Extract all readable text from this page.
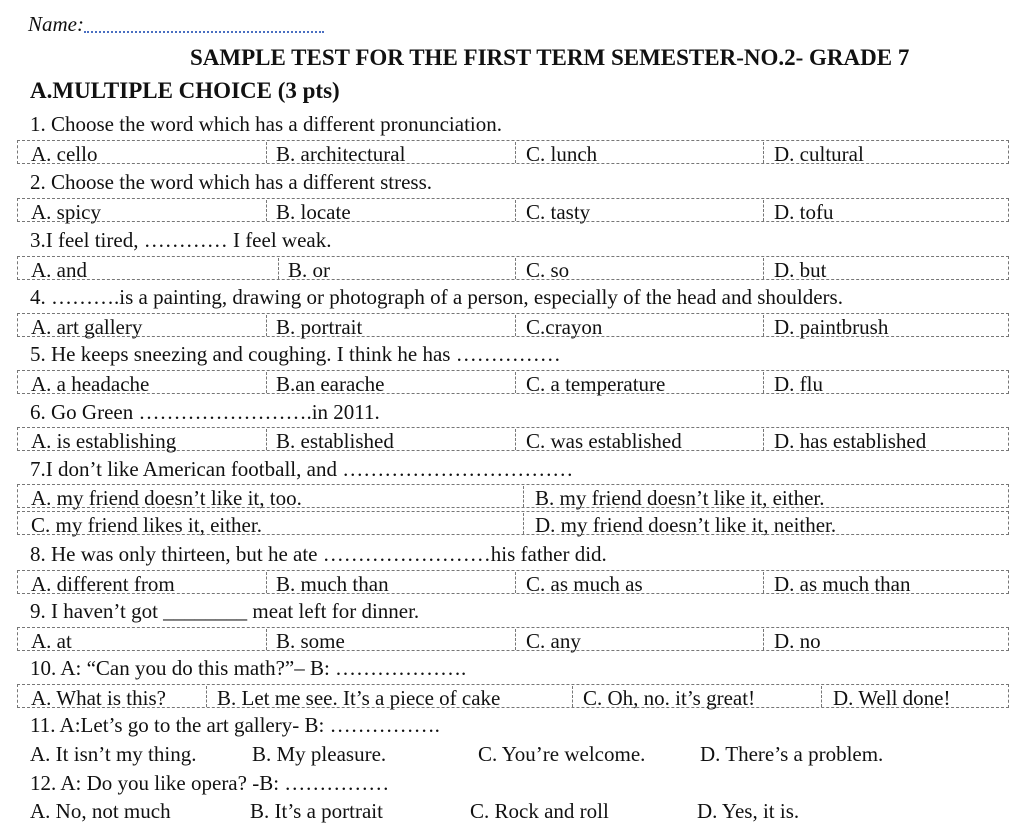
Name:
SAMPLE TEST FOR THE FIRST TERM SEMESTER-NO.2- GRADE 7
A.MULTIPLE CHOICE (3 pts)
1. Choose the word which has a different pronunciation.
A. cello	B. architectural	C. lunch	D. cultural
2. Choose the word which has a different stress.
A. spicy	B. locate	C. tasty	D. tofu
3.I feel tired, ………… I feel weak.
A. and	B. or	C. so	D. but
4. ……….is a painting, drawing or photograph of a person, especially of the head and shoulders.
A. art gallery	B. portrait	C.crayon	D. paintbrush
5. He keeps sneezing and coughing. I think he has ……………
A. a headache	B.an earache	C. a temperature	D. flu
6. Go Green …………………….in 2011.
A. is establishing	B. established	C. was established	D. has established
7.I don’t like American football, and ……………………………
A. my friend doesn’t like it, too.	B. my friend doesn’t like it, either.
C. my friend likes it, either.	D. my friend doesn’t like it, neither.
8. He was only thirteen, but he ate ……………………his father did.
A. different from	B. much than	C. as much as	D. as much than
9. I haven’t got ________ meat left for dinner.
A. at	B. some	C. any	D. no
10. A: “Can you do this math?”– B: ……………….
A. What is this? B. Let me see. It’s a piece of cake	C. Oh, no. it’s great!	D. Well done!
11. A:Let’s go to the art gallery- B: …………….
A. It isn’t my thing.	B. My pleasure.	C. You’re welcome.	D. There’s a problem.
12. A: Do you like opera? -B: ……………
A. No, not much	B. It’s a portrait	C. Rock and roll	D. Yes, it is.
